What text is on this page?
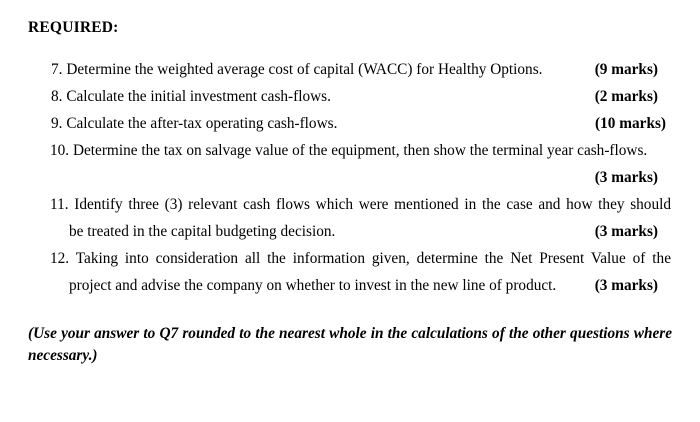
REQUIRED:
7. Determine the weighted average cost of capital (WACC) for Healthy Options.	(9 marks)
8. Calculate the initial investment cash-flows.	(2 marks)
9. Calculate the after-tax operating cash-flows.	(10 marks)
10. Determine the tax on salvage value of the equipment, then show the terminal year cash-flows.
(3 marks)
11. Identify three (3) relevant cash flows which were mentioned in the case and how they should
be treated in the capital budgeting decision.	(3 marks)
12. Taking into consideration all the information given, determine the Net Present Value of the
project and advise the company on whether to invest in the new line of product.	(3 marks)
(Use your answer to Q7 rounded to the nearest whole in the calculations of the other questions where
necessary.)
